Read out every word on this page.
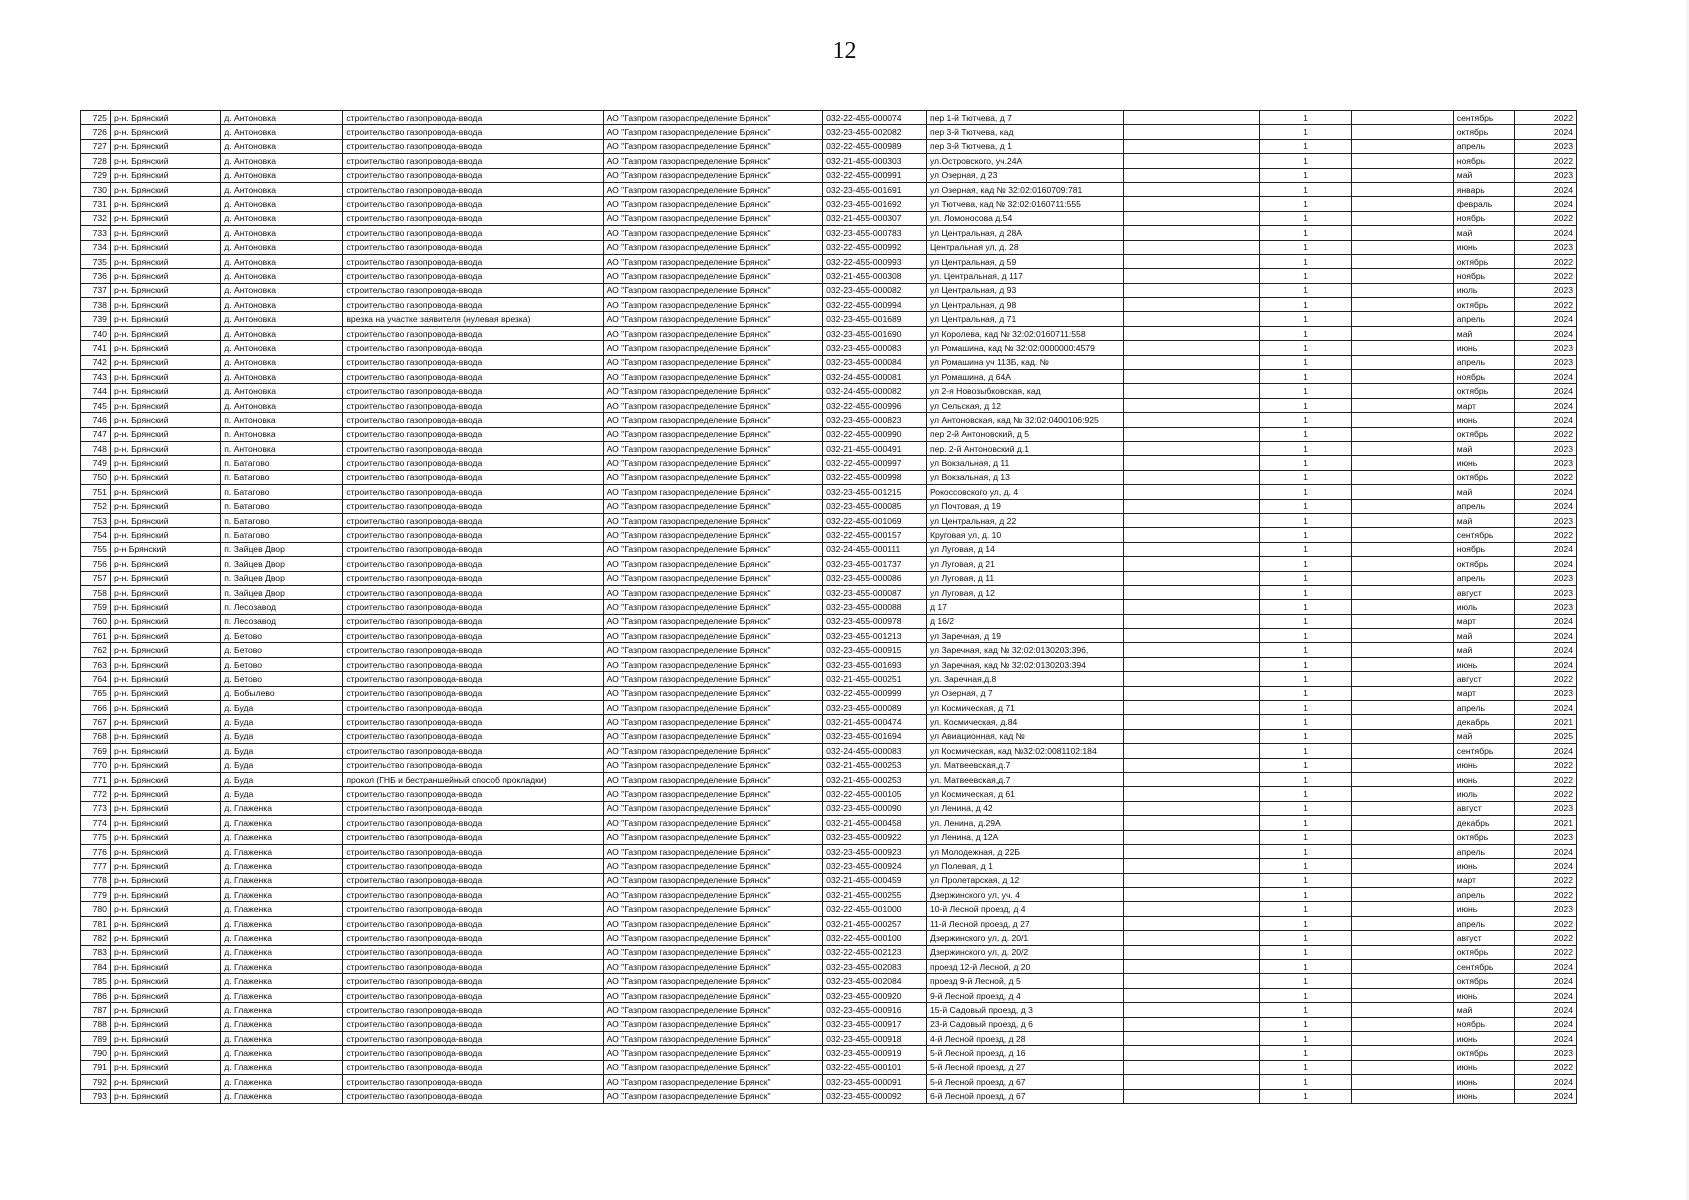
12
725	р-н. Брянский	д. Антоновка	строительство газопровода-ввода	АО "Газпром газораспределение Брянск"	032-22-455-000074	пер 1-й Тютчева, д 7		1		сентябрь	2022
726	р-н. Брянский	д. Антоновка	строительство газопровода-ввода	АО "Газпром газораспределение Брянск"	032-23-455-002082	пер 3-й Тютчева, кад		1		октябрь	2024
727	р-н. Брянский	д. Антоновка	строительство газопровода-ввода	АО "Газпром газораспределение Брянск"	032-22-455-000989	пер 3-й Тютчева, д 1		1		апрель	2023
728	р-н. Брянский	д. Антоновка	строительство газопровода-ввода	АО "Газпром газораспределение Брянск"	032-21-455-000303	ул.Островского, уч.24А		1		ноябрь	2022
729	р-н. Брянский	д. Антоновка	строительство газопровода-ввода	АО "Газпром газораспределение Брянск"	032-22-455-000991	ул Озерная, д 23		1		май	2023
730	р-н. Брянский	д. Антоновка	строительство газопровода-ввода	АО "Газпром газораспределение Брянск"	032-23-455-001691	ул Озерная, кад № 32:02:0160709:781		1		январь	2024
731	р-н. Брянский	д. Антоновка	строительство газопровода-ввода	АО "Газпром газораспределение Брянск"	032-23-455-001692	ул Тютчева, кад № 32:02:0160711:555		1		февраль	2024
732	р-н. Брянский	д. Антоновка	строительство газопровода-ввода	АО "Газпром газораспределение Брянск"	032-21-455-000307	ул. Ломоносова д.54		1		ноябрь	2022
733	р-н. Брянский	д. Антоновка	строительство газопровода-ввода	АО "Газпром газораспределение Брянск"	032-23-455-000783	ул Центральная, д 28А		1		май	2024
734	р-н. Брянский	д. Антоновка	строительство газопровода-ввода	АО "Газпром газораспределение Брянск"	032-22-455-000992	Центральная ул, д. 28		1		июнь	2023
735	р-н. Брянский	д. Антоновка	строительство газопровода-ввода	АО "Газпром газораспределение Брянск"	032-22-455-000993	ул Центральная, д 59		1		октябрь	2022
736	р-н. Брянский	д. Антоновка	строительство газопровода-ввода	АО "Газпром газораспределение Брянск"	032-21-455-000308	ул. Центральная, д 117		1		ноябрь	2022
737	р-н. Брянский	д. Антоновка	строительство газопровода-ввода	АО "Газпром газораспределение Брянск"	032-23-455-000082	ул Центральная, д 93		1		июль	2023
738	р-н. Брянский	д. Антоновка	строительство газопровода-ввода	АО "Газпром газораспределение Брянск"	032-22-455-000994	ул Центральная, д 98		1		октябрь	2022
739	р-н. Брянский	д. Антоновка	врезка на участке заявителя (нулевая врезка)	АО "Газпром газораспределение Брянск"	032-23-455-001689	ул Центральная, д 71		1		апрель	2024
740	р-н. Брянский	д. Антоновка	строительство газопровода-ввода	АО "Газпром газораспределение Брянск"	032-23-455-001690	ул Королева, кад № 32:02:0160711:558		1		май	2024
741	р-н. Брянский	д. Антоновка	строительство газопровода-ввода	АО "Газпром газораспределение Брянск"	032-23-455-000083	ул Ромашина, кад № 32:02:0000000:4579		1		июнь	2023
742	р-н. Брянский	д. Антоновка	строительство газопровода-ввода	АО "Газпром газораспределение Брянск"	032-23-455-000084	ул Ромашина уч 113Б, кад. №		1		апрель	2023
743	р-н. Брянский	д. Антоновка	строительство газопровода-ввода	АО "Газпром газораспределение Брянск"	032-24-455-000081	ул Ромашина, д 64А		1		ноябрь	2024
744	р-н. Брянский	д. Антоновка	строительство газопровода-ввода	АО "Газпром газораспределение Брянск"	032-24-455-000082	ул 2-я Новозыбковская, кад		1		октябрь	2024
745	р-н. Брянский	д. Антоновка	строительство газопровода-ввода	АО "Газпром газораспределение Брянск"	032-22-455-000996	ул Сельская, д 12		1		март	2024
746	р-н. Брянский	п. Антоновка	строительство газопровода-ввода	АО "Газпром газораспределение Брянск"	032-23-455-000823	ул Антоновская, кад № 32:02:0400106:925		1		июнь	2024
747	р-н. Брянский	п. Антоновка	строительство газопровода-ввода	АО "Газпром газораспределение Брянск"	032-22-455-000990	пер 2-й Антоновский, д 5		1		октябрь	2022
748	р-н. Брянский	п. Антоновка	строительство газопровода-ввода	АО "Газпром газораспределение Брянск"	032-21-455-000491	пер. 2-й Антоновский д.1		1		май	2023
749	р-н. Брянский	п. Батагово	строительство газопровода-ввода	АО "Газпром газораспределение Брянск"	032-22-455-000997	ул Вокзальная, д 11		1		июнь	2023
750	р-н. Брянский	п. Батагово	строительство газопровода-ввода	АО "Газпром газораспределение Брянск"	032-22-455-000998	ул Вокзальная, д 13		1		октябрь	2022
751	р-н. Брянский	п. Батагово	строительство газопровода-ввода	АО "Газпром газораспределение Брянск"	032-23-455-001215	Рокоссовского ул, д. 4		1		май	2024
752	р-н. Брянский	п. Батагово	строительство газопровода-ввода	АО "Газпром газораспределение Брянск"	032-23-455-000085	ул Почтовая, д 19		1		апрель	2024
753	р-н. Брянский	п. Батагово	строительство газопровода-ввода	АО "Газпром газораспределение Брянск"	032-22-455-001069	ул Центральная, д 22		1		май	2023
754	р-н. Брянский	п. Батагово	строительство газопровода-ввода	АО "Газпром газораспределение Брянск"	032-22-455-000157	Круговая ул, д. 10		1		сентябрь	2022
755	р-н Брянский	п. Зайцев Двор	строительство газопровода-ввода	АО "Газпром газораспределение Брянск"	032-24-455-000111	ул Луговая, д 14		1		ноябрь	2024
756	р-н. Брянский	п. Зайцев Двор	строительство газопровода-ввода	АО "Газпром газораспределение Брянск"	032-23-455-001737	ул Луговая, д 21		1		октябрь	2024
757	р-н. Брянский	п. Зайцев Двор	строительство газопровода-ввода	АО "Газпром газораспределение Брянск"	032-23-455-000086	ул Луговая, д 11		1		апрель	2023
758	р-н. Брянский	п. Зайцев Двор	строительство газопровода-ввода	АО "Газпром газораспределение Брянск"	032-23-455-000087	ул Луговая, д 12		1		август	2023
759	р-н. Брянский	п. Лесозавод	строительство газопровода-ввода	АО "Газпром газораспределение Брянск"	032-23-455-000088	д 17		1		июль	2023
760	р-н. Брянский	п. Лесозавод	строительство газопровода-ввода	АО "Газпром газораспределение Брянск"	032-23-455-000978	д 16/2		1		март	2024
761	р-н. Брянский	д. Бетово	строительство газопровода-ввода	АО "Газпром газораспределение Брянск"	032-23-455-001213	ул Заречная, д 19		1		май	2024
762	р-н. Брянский	д. Бетово	строительство газопровода-ввода	АО "Газпром газораспределение Брянск"	032-23-455-000915	ул Заречная, кад № 32:02:0130203:396,		1		май	2024
763	р-н. Брянский	д. Бетово	строительство газопровода-ввода	АО "Газпром газораспределение Брянск"	032-23-455-001693	ул Заречная, кад № 32:02:0130203:394		1		июнь	2024
764	р-н. Брянский	д. Бетово	строительство газопровода-ввода	АО "Газпром газораспределение Брянск"	032-21-455-000251	ул. Заречная,д.8		1		август	2022
765	р-н. Брянский	д. Бобылево	строительство газопровода-ввода	АО "Газпром газораспределение Брянск"	032-22-455-000999	ул Озерная, д 7		1		март	2023
766	р-н. Брянский	д. Буда	строительство газопровода-ввода	АО "Газпром газораспределение Брянск"	032-23-455-000089	ул Космическая, д 71		1		апрель	2024
767	р-н. Брянский	д. Буда	строительство газопровода-ввода	АО "Газпром газораспределение Брянск"	032-21-455-000474	ул. Космическая, д.84		1		декабрь	2021
768	р-н. Брянский	д. Буда	строительство газопровода-ввода	АО "Газпром газораспределение Брянск"	032-23-455-001694	ул Авиационная, кад №		1		май	2025
769	р-н. Брянский	д. Буда	строительство газопровода-ввода	АО "Газпром газораспределение Брянск"	032-24-455-000083	ул Космическая, кад №32:02:0081102:184		1		сентябрь	2024
770	р-н. Брянский	д. Буда	строительство газопровода-ввода	АО "Газпром газораспределение Брянск"	032-21-455-000253	ул. Матвеевская,д.7		1		июнь	2022
771	р-н. Брянский	д. Буда	прокол (ГНБ и бестраншейный способ прокладки)	АО "Газпром газораспределение Брянск"	032-21-455-000253	ул. Матвеевская,д.7		1		июнь	2022
772	р-н. Брянский	д. Буда	строительство газопровода-ввода	АО "Газпром газораспределение Брянск"	032-22-455-000105	ул Космическая, д 61		1		июль	2022
773	р-н. Брянский	д. Глаженка	строительство газопровода-ввода	АО "Газпром газораспределение Брянск"	032-23-455-000090	ул Ленина, д 42		1		август	2023
774	р-н. Брянский	д. Глаженка	строительство газопровода-ввода	АО "Газпром газораспределение Брянск"	032-21-455-000458	ул. Ленина, д.29А		1		декабрь	2021
775	р-н. Брянский	д. Глаженка	строительство газопровода-ввода	АО "Газпром газораспределение Брянск"	032-23-455-000922	ул Ленина, д 12А		1		октябрь	2023
776	р-н. Брянский	д. Глаженка	строительство газопровода-ввода	АО "Газпром газораспределение Брянск"	032-23-455-000923	ул Молодежная, д 22Б		1		апрель	2024
777	р-н. Брянский	д. Глаженка	строительство газопровода-ввода	АО "Газпром газораспределение Брянск"	032-23-455-000924	ул Полевая, д 1		1		июнь	2024
778	р-н. Брянский	д. Глаженка	строительство газопровода-ввода	АО "Газпром газораспределение Брянск"	032-21-455-000459	ул Пролетарская, д 12		1		март	2022
779	р-н. Брянский	д. Глаженка	строительство газопровода-ввода	АО "Газпром газораспределение Брянск"	032-21-455-000255	Дзержинского ул, уч. 4		1		апрель	2022
780	р-н. Брянский	д. Глаженка	строительство газопровода-ввода	АО "Газпром газораспределение Брянск"	032-22-455-001000	10-й Лесной проезд, д 4		1		июнь	2023
781	р-н. Брянский	д. Глаженка	строительство газопровода-ввода	АО "Газпром газораспределение Брянск"	032-21-455-000257	11-й Лесной проезд, д 27		1		апрель	2022
782	р-н. Брянский	д. Глаженка	строительство газопровода-ввода	АО "Газпром газораспределение Брянск"	032-22-455-000100	Дзержинского ул, д. 20/1		1		август	2022
783	р-н. Брянский	д. Глаженка	строительство газопровода-ввода	АО "Газпром газораспределение Брянск"	032-22-455-002123	Дзержинского ул, д. 20/2		1		октябрь	2022
784	р-н. Брянский	д. Глаженка	строительство газопровода-ввода	АО "Газпром газораспределение Брянск"	032-23-455-002083	проезд 12-й Лесной, д 20		1		сентябрь	2024
785	р-н. Брянский	д. Глаженка	строительство газопровода-ввода	АО "Газпром газораспределение Брянск"	032-23-455-002084	проезд 9-й Лесной, д 5		1		октябрь	2024
786	р-н. Брянский	д. Глаженка	строительство газопровода-ввода	АО "Газпром газораспределение Брянск"	032-23-455-000920	9-й Лесной проезд, д 4		1		июнь	2024
787	р-н. Брянский	д. Глаженка	строительство газопровода-ввода	АО "Газпром газораспределение Брянск"	032-23-455-000916	15-й Садовый проезд, д 3		1		май	2024
788	р-н. Брянский	д. Глаженка	строительство газопровода-ввода	АО "Газпром газораспределение Брянск"	032-23-455-000917	23-й Садовый проезд, д 6		1		ноябрь	2024
789	р-н. Брянский	д. Глаженка	строительство газопровода-ввода	АО "Газпром газораспределение Брянск"	032-23-455-000918	4-й Лесной проезд, д 28		1		июнь	2024
790	р-н. Брянский	д. Глаженка	строительство газопровода-ввода	АО "Газпром газораспределение Брянск"	032-23-455-000919	5-й Лесной проезд, д 16		1		октябрь	2023
791	р-н. Брянский	д. Глаженка	строительство газопровода-ввода	АО "Газпром газораспределение Брянск"	032-22-455-000101	5-й Лесной проезд, д 27		1		июнь	2022
792	р-н. Брянский	д. Глаженка	строительство газопровода-ввода	АО "Газпром газораспределение Брянск"	032-23-455-000091	5-й Лесной проезд, д 67		1		июнь	2024
793	р-н. Брянский	д. Глаженка	строительство газопровода-ввода	АО "Газпром газораспределение Брянск"	032-23-455-000092	6-й Лесной проезд, д 67		1		июнь	2024
